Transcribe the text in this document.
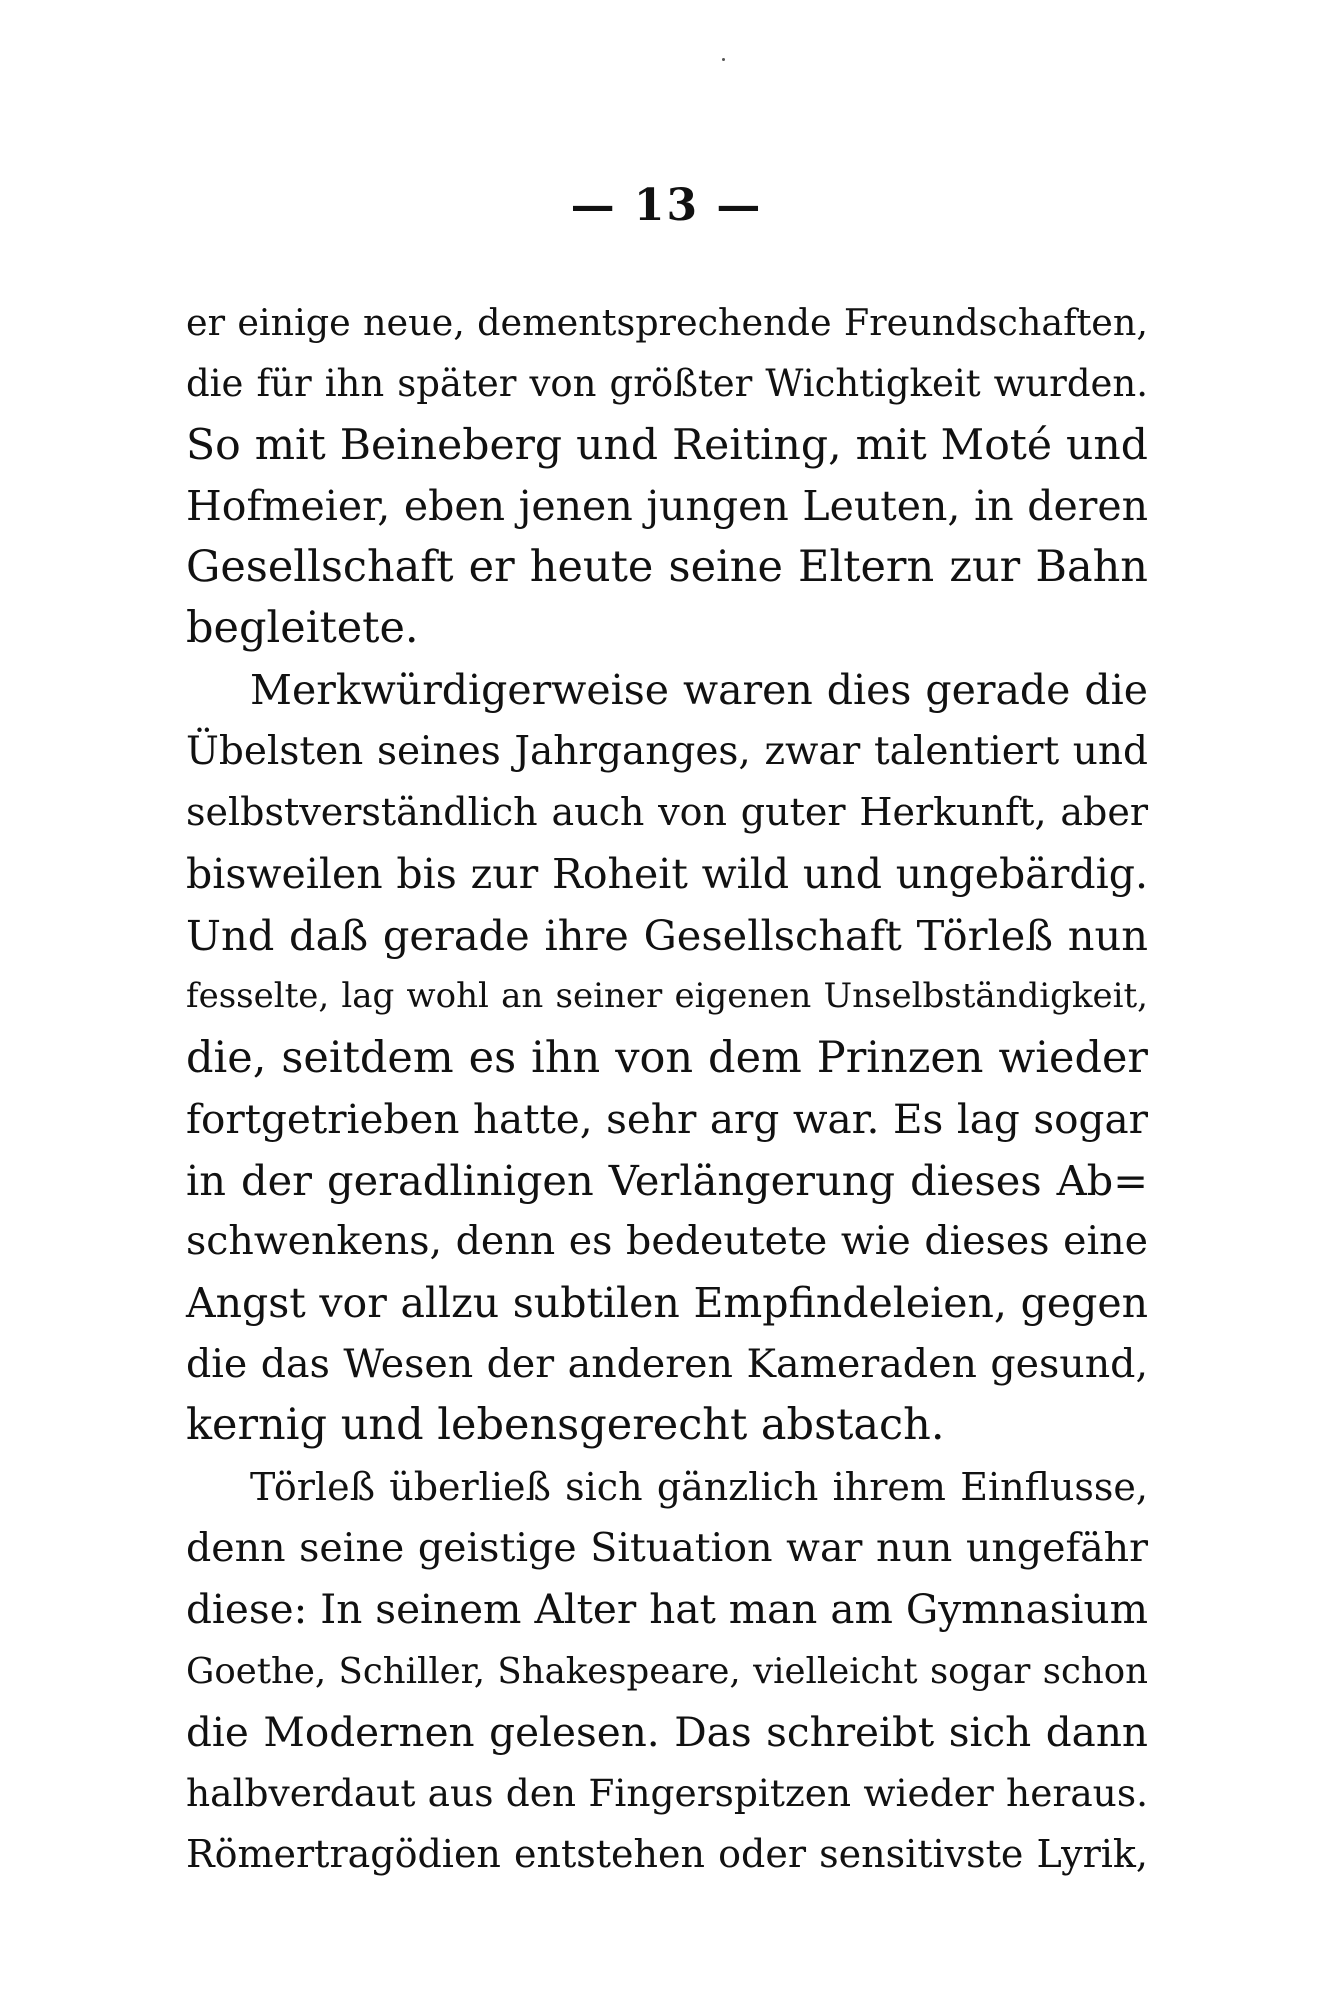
— 13 —
er einige neue, dementsprechende Freundschaften,
die für ihn später von größter Wichtigkeit wurden.
So mit Beineberg und Reiting, mit Moté und
Hofmeier, eben jenen jungen Leuten, in deren
Gesellschaft er heute seine Eltern zur Bahn
begleitete.
Merkwürdigerweise waren dies gerade die
Übelsten seines Jahrganges, zwar talentiert und
selbstverständlich auch von guter Herkunft, aber
bisweilen bis zur Roheit wild und ungebärdig.
Und daß gerade ihre Gesellschaft Törleß nun
fesselte, lag wohl an seiner eigenen Unselbständigkeit,
die, seitdem es ihn von dem Prinzen wieder
fortgetrieben hatte, sehr arg war. Es lag sogar
in der geradlinigen Verlängerung dieses Ab=
schwenkens, denn es bedeutete wie dieses eine
Angst vor allzu subtilen Empfindeleien, gegen
die das Wesen der anderen Kameraden gesund,
kernig und lebensgerecht abstach.
Törleß überließ sich gänzlich ihrem Einflusse,
denn seine geistige Situation war nun ungefähr
diese: In seinem Alter hat man am Gymnasium
Goethe, Schiller, Shakespeare, vielleicht sogar schon
die Modernen gelesen. Das schreibt sich dann
halbverdaut aus den Fingerspitzen wieder heraus.
Römertragödien entstehen oder sensitivste Lyrik,
